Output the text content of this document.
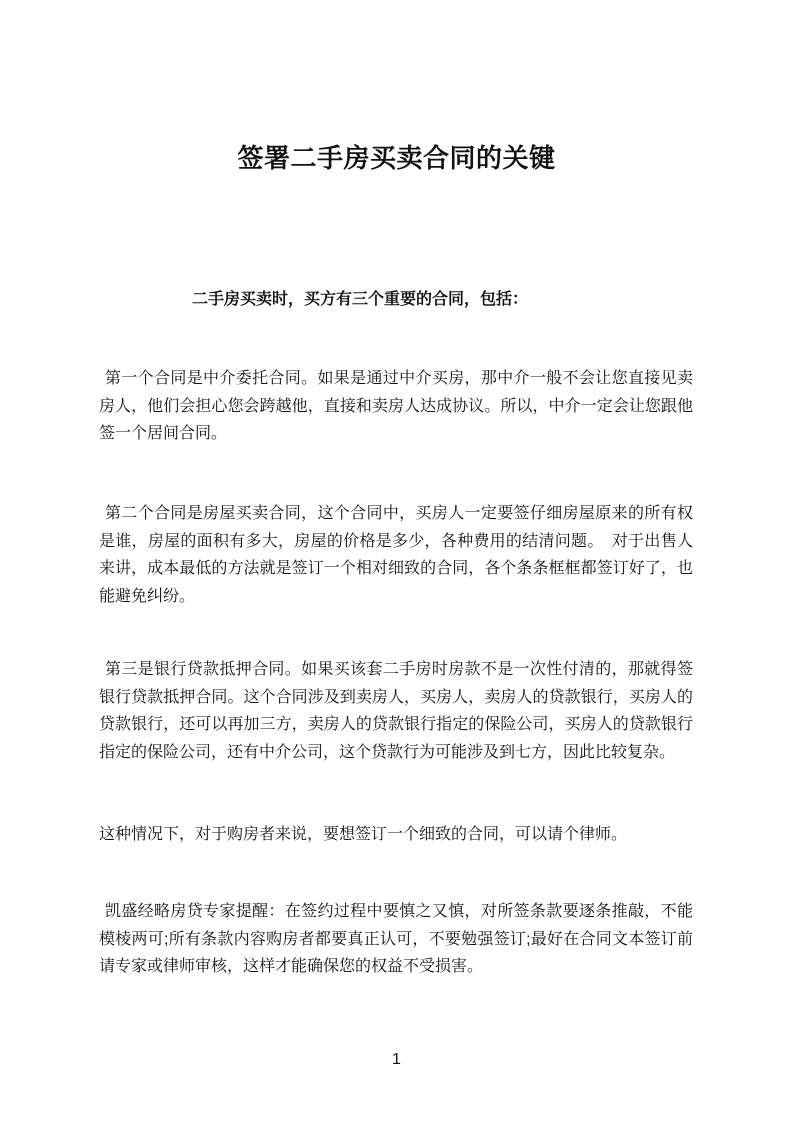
签署二手房买卖合同的关键

二手房买卖时，买方有三个重要的合同，包括：

第一个合同是中介委托合同。如果是通过中介买房，那中介一般不会让您直接见卖房人，他们会担心您会跨越他，直接和卖房人达成协议。所以，中介一定会让您跟他签一个居间合同。

第二个合同是房屋买卖合同，这个合同中，买房人一定要签仔细房屋原来的所有权是谁，房屋的面积有多大，房屋的价格是多少，各种费用的结清问题。　对于出售人来讲，成本最低的方法就是签订一个相对细致的合同，各个条条框框都签订好了，也能避免纠纷。

第三是银行贷款抵押合同。如果买该套二手房时房款不是一次性付清的，那就得签银行贷款抵押合同。这个合同涉及到卖房人，买房人，卖房人的贷款银行，买房人的贷款银行，还可以再加三方，卖房人的贷款银行指定的保险公司，买房人的贷款银行指定的保险公司，还有中介公司，这个贷款行为可能涉及到七方，因此比较复杂。

这种情况下，对于购房者来说，要想签订一个细致的合同，可以请个律师。

凯盛经略房贷专家提醒：在签约过程中要慎之又慎，对所签条款要逐条推敲，不能模棱两可;所有条款内容购房者都要真正认可，不要勉强签订;最好在合同文本签订前请专家或律师审核，这样才能确保您的权益不受损害。

1
